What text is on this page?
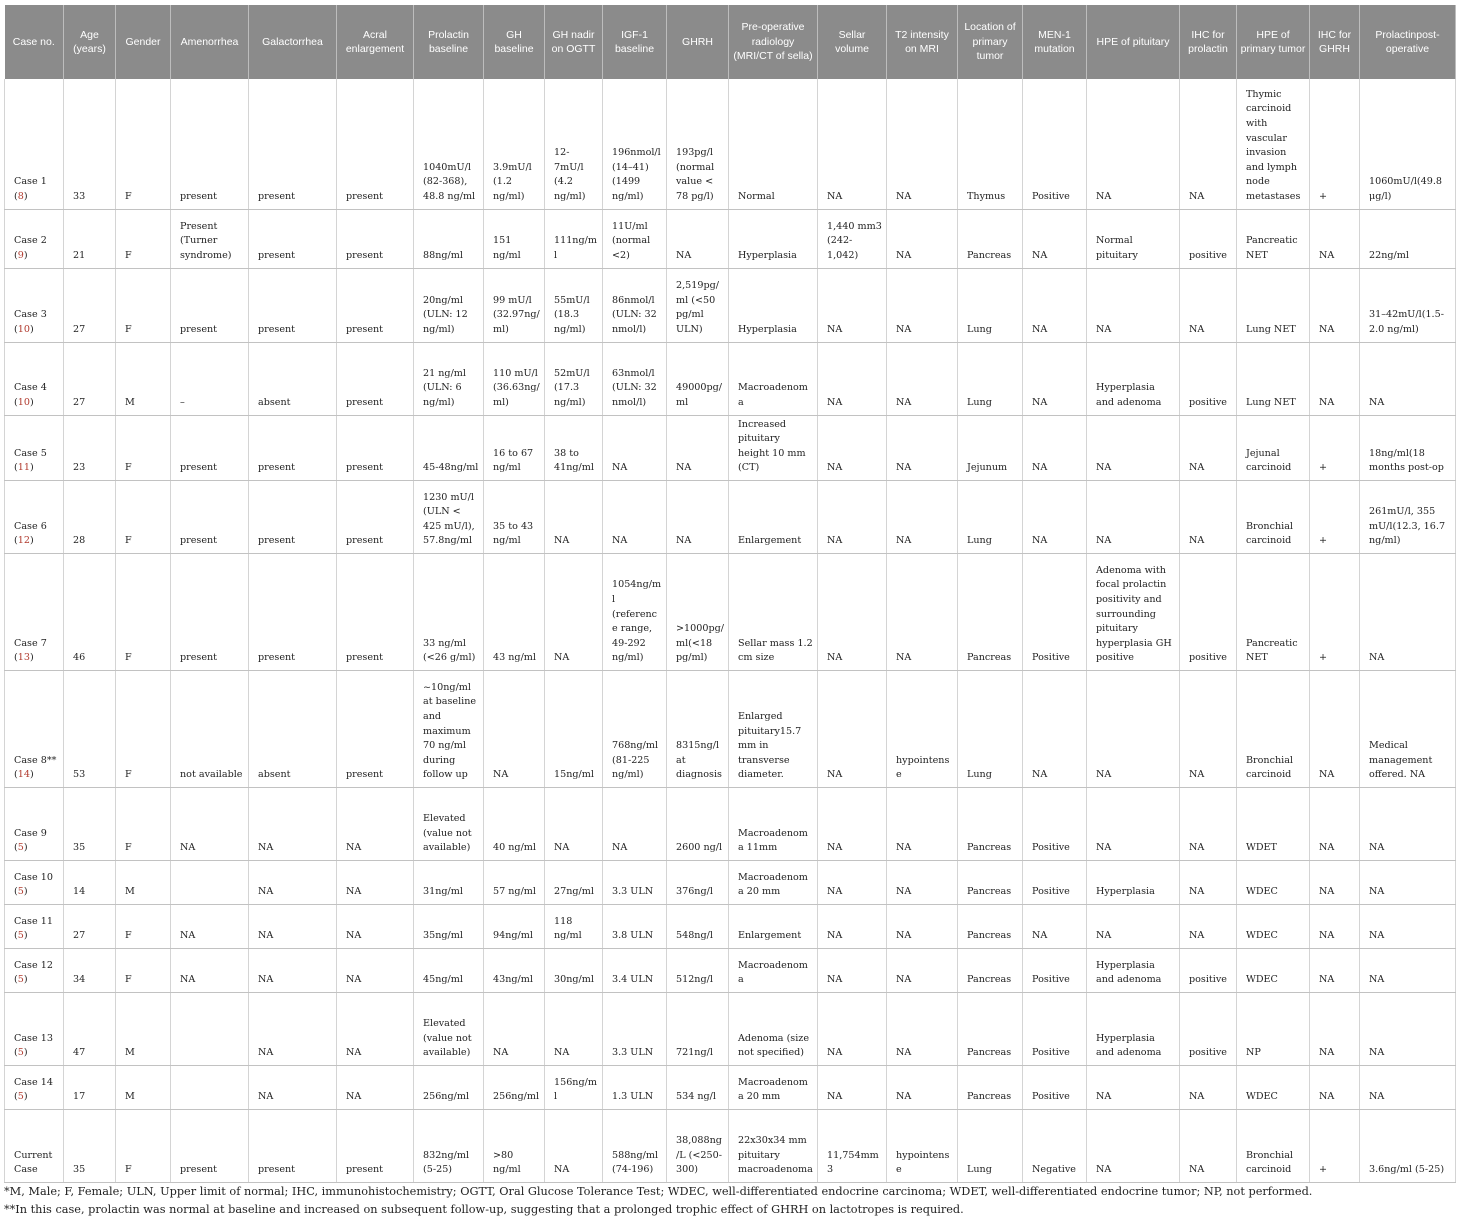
Case no.	Age (years)	Gender	Amenorrhea	Galactorrhea	Acral enlargement	Prolactin baseline	GH baseline	GH nadir on OGTT	IGF-1 baseline	GHRH	Pre-operative radiology (MRI/CT of sella)	Sellar volume	T2 intensity on MRI	Location of primary tumor	MEN-1 mutation	HPE of pituitary	IHC for prolactin	HPE of primary tumor	IHC for GHRH	Prolactinpost-operative
Case 1 (8)	33	F	present	present	present	1040mU/l (82-368), 48.8 ng/ml	3.9mU/l (1.2 ng/ml)	12-7mU/l (4.2 ng/ml)	196nmol/l (14–41) (1499 ng/ml)	193pg/l (normal value < 78 pg/l)	Normal	NA	NA	Thymus	Positive	NA	NA	Thymic carcinoid with vascular invasion and lymph node metastases	+	1060mU/l(49.8 μg/l)
Case 2 (9)	21	F	Present (Turner syndrome)	present	present	88ng/ml	151 ng/ml	111ng/ml	11U/ml (normal <2)	NA	Hyperplasia	1,440 mm3 (242-1,042)	NA	Pancreas	NA	Normal pituitary	positive	Pancreatic NET	NA	22ng/ml
Case 3 (10)	27	F	present	present	present	20ng/ml (ULN: 12 ng/ml)	99 mU/l (32.97ng/ml)	55mU/l (18.3 ng/ml)	86nmol/l (ULN: 32 nmol/l)	2,519pg/ml (<50 pg/ml ULN)	Hyperplasia	NA	NA	Lung	NA	NA	NA	Lung NET	NA	31–42mU/l(1.5-2.0 ng/ml)
Case 4 (10)	27	M	–	absent	present	21 ng/ml (ULN: 6 ng/ml)	110 mU/l (36.63ng/ml)	52mU/l (17.3 ng/ml)	63nmol/l (ULN: 32 nmol/l)	49000pg/ml	Macroadenoma	NA	NA	Lung	NA	Hyperplasia and adenoma	positive	Lung NET	NA	NA
Case 5 (11)	23	F	present	present	present	45-48ng/ml	16 to 67 ng/ml	38 to 41ng/ml	NA	NA	Increased pituitary height 10 mm (CT)	NA	NA	Jejunum	NA	NA	NA	Jejunal carcinoid	+	18ng/ml(18 months post-op
Case 6 (12)	28	F	present	present	present	1230 mU/l (ULN < 425 mU/l), 57.8ng/ml	35 to 43 ng/ml	NA	NA	NA	Enlargement	NA	NA	Lung	NA	NA	NA	Bronchial carcinoid	+	261mU/l, 355 mU/l(12.3, 16.7 ng/ml)
Case 7 (13)	46	F	present	present	present	33 ng/ml (<26 g/ml)	43 ng/ml	NA	1054ng/ml (reference range, 49-292 ng/ml)	>1000pg/ml(<18 pg/ml)	Sellar mass 1.2 cm size	NA	NA	Pancreas	Positive	Adenoma with focal prolactin positivity and surrounding pituitary hyperplasia GH positive	positive	Pancreatic NET	+	NA
Case 8** (14)	53	F	not available	absent	present	~10ng/ml at baseline and maximum 70 ng/ml during follow up	NA	15ng/ml	768ng/ml (81-225 ng/ml)	8315ng/l at diagnosis	Enlarged pituitary15.7 mm in transverse diameter.	NA	hypointense	Lung	NA	NA	NA	Bronchial carcinoid	NA	Medical management offered. NA
Case 9 (5)	35	F	NA	NA	NA	Elevated (value not available)	40 ng/ml	NA	NA	2600 ng/l	Macroadenoma 11mm	NA	NA	Pancreas	Positive	NA	NA	WDET	NA	NA
Case 10 (5)	14	M		NA	NA	31ng/ml	57 ng/ml	27ng/ml	3.3 ULN	376ng/l	Macroadenoma 20 mm	NA	NA	Pancreas	Positive	Hyperplasia	NA	WDEC	NA	NA
Case 11 (5)	27	F	NA	NA	NA	35ng/ml	94ng/ml	118 ng/ml	3.8 ULN	548ng/l	Enlargement	NA	NA	Pancreas	NA	NA	NA	WDEC	NA	NA
Case 12 (5)	34	F	NA	NA	NA	45ng/ml	43ng/ml	30ng/ml	3.4 ULN	512ng/l	Macroadenoma	NA	NA	Pancreas	Positive	Hyperplasia and adenoma	positive	WDEC	NA	NA
Case 13 (5)	47	M		NA	NA	Elevated (value not available)	NA	NA	3.3 ULN	721ng/l	Adenoma (size not specified)	NA	NA	Pancreas	Positive	Hyperplasia and adenoma	positive	NP	NA	NA
Case 14 (5)	17	M		NA	NA	256ng/ml	256ng/ml	156ng/ml	1.3 ULN	534 ng/l	Macroadenoma 20 mm	NA	NA	Pancreas	Positive	NA	NA	WDEC	NA	NA
Current Case	35	F	present	present	present	832ng/ml (5-25)	>80 ng/ml	NA	588ng/ml (74-196)	38,088ng/L (<250-300)	22x30x34 mm pituitary macroadenoma	11,754mm3	hypointense	Lung	Negative	NA	NA	Bronchial carcinoid	+	3.6ng/ml (5-25)
*M, Male; F, Female; ULN, Upper limit of normal; IHC, immunohistochemistry; OGTT, Oral Glucose Tolerance Test; WDEC, well-differentiated endocrine carcinoma; WDET, well-differentiated endocrine tumor; NP, not performed.
**In this case, prolactin was normal at baseline and increased on subsequent follow-up, suggesting that a prolonged trophic effect of GHRH on lactotropes is required.
